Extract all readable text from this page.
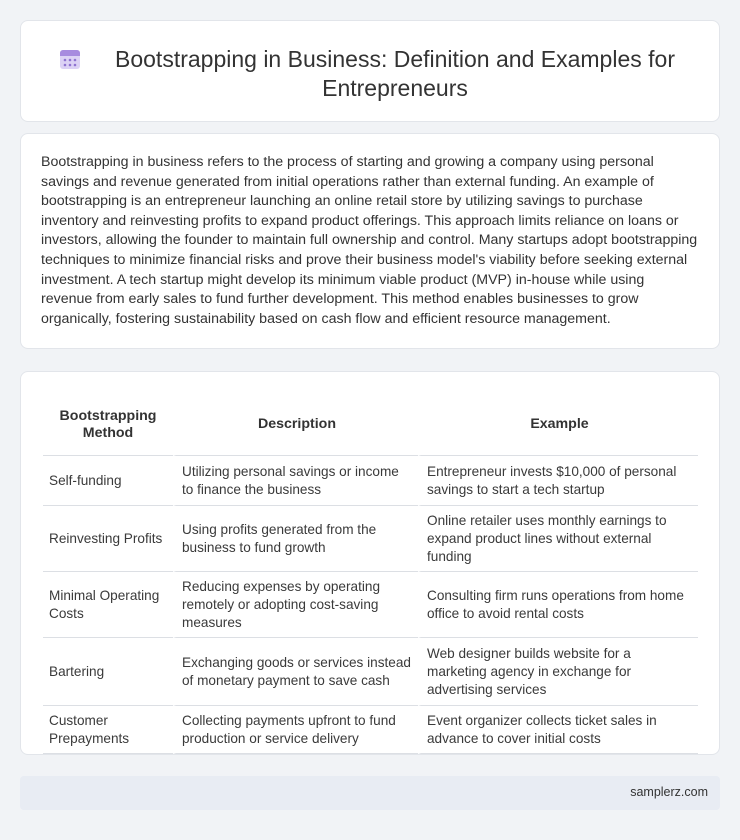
Bootstrapping in Business: Definition and Examples for
Entrepreneurs

Bootstrapping in business refers to the process of starting and growing a company using personal savings and revenue generated from initial operations rather than external funding. An example of bootstrapping is an entrepreneur launching an online retail store by utilizing savings to purchase inventory and reinvesting profits to expand product offerings. This approach limits reliance on loans or investors, allowing the founder to maintain full ownership and control. Many startups adopt bootstrapping techniques to minimize financial risks and prove their business model's viability before seeking external investment. A tech startup might develop its minimum viable product (MVP) in-house while using revenue from early sales to fund further development. This method enables businesses to grow organically, fostering sustainability based on cash flow and efficient resource management.

Bootstrapping Method	Description	Example
Self-funding	Utilizing personal savings or income to finance the business	Entrepreneur invests $10,000 of personal savings to start a tech startup
Reinvesting Profits	Using profits generated from the business to fund growth	Online retailer uses monthly earnings to expand product lines without external funding
Minimal Operating Costs	Reducing expenses by operating remotely or adopting cost-saving measures	Consulting firm runs operations from home office to avoid rental costs
Bartering	Exchanging goods or services instead of monetary payment to save cash	Web designer builds website for a marketing agency in exchange for advertising services
Customer Prepayments	Collecting payments upfront to fund production or service delivery	Event organizer collects ticket sales in advance to cover initial costs
samplerz.com
